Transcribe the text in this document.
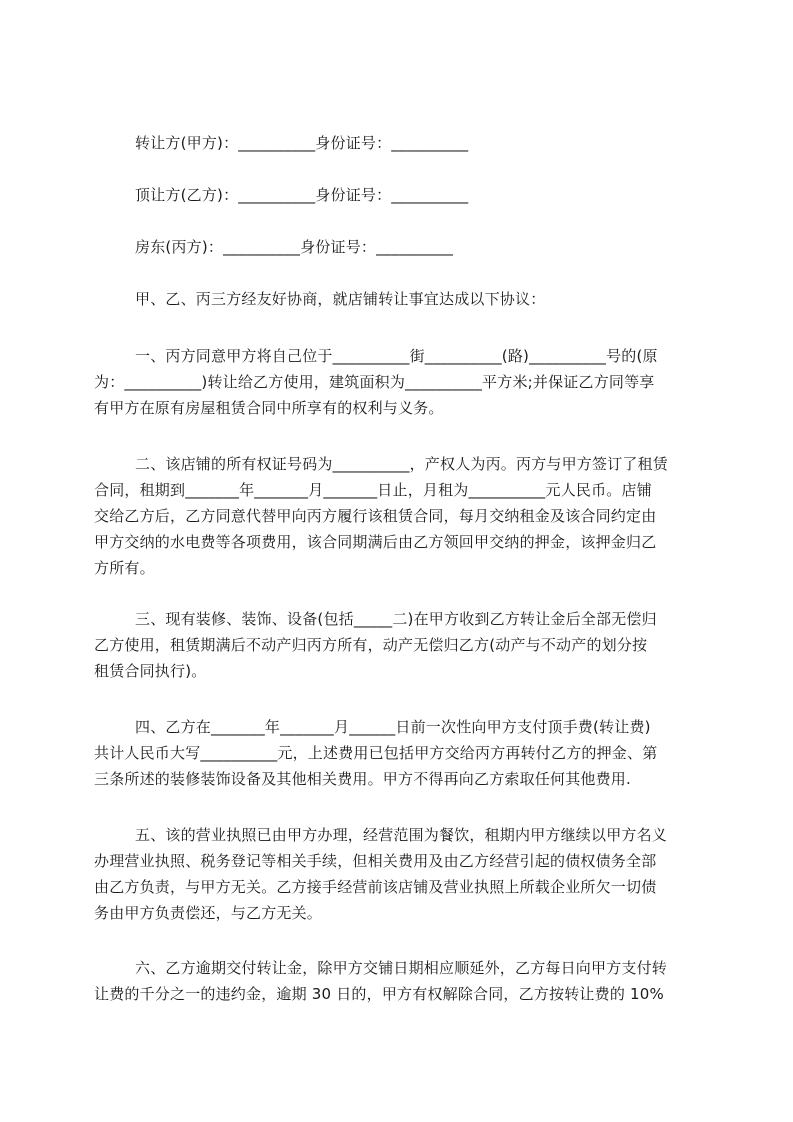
转让方(甲方)：__________身份证号：__________

顶让方(乙方)：__________身份证号：__________

房东(丙方)：__________身份证号：__________

甲、乙、丙三方经友好协商，就店铺转让事宜达成以下协议：

一、丙方同意甲方将自己位于__________街__________(路)__________号的(原

为：__________)转让给乙方使用，建筑面积为__________平方米;并保证乙方同等享

有甲方在原有房屋租赁合同中所享有的权利与义务。

二、该店铺的所有权证号码为__________，产权人为丙。丙方与甲方签订了租赁

合同，租期到_______年_______月_______日止，月租为__________元人民币。店铺

交给乙方后，乙方同意代替甲向丙方履行该租赁合同，每月交纳租金及该合同约定由

甲方交纳的水电费等各项费用，该合同期满后由乙方领回甲交纳的押金，该押金归乙

方所有。

三、现有装修、装饰、设备(包括_____二)在甲方收到乙方转让金后全部无偿归

乙方使用，租赁期满后不动产归丙方所有，动产无偿归乙方(动产与不动产的划分按

租赁合同执行)。

四、乙方在_______年_______月______日前一次性向甲方支付顶手费(转让费)

共计人民币大写__________元，上述费用已包括甲方交给丙方再转付乙方的押金、第

三条所述的装修装饰设备及其他相关费用。甲方不得再向乙方索取任何其他费用.

五、该的营业执照已由甲方办理，经营范围为餐饮，租期内甲方继续以甲方名义

办理营业执照、税务登记等相关手续，但相关费用及由乙方经营引起的债权债务全部

由乙方负责，与甲方无关。乙方接手经营前该店铺及营业执照上所载企业所欠一切债

务由甲方负责偿还，与乙方无关。

六、乙方逾期交付转让金，除甲方交铺日期相应顺延外，乙方每日向甲方支付转

让费的千分之一的违约金，逾期 30 日的，甲方有权解除合同，乙方按转让费的 10%
